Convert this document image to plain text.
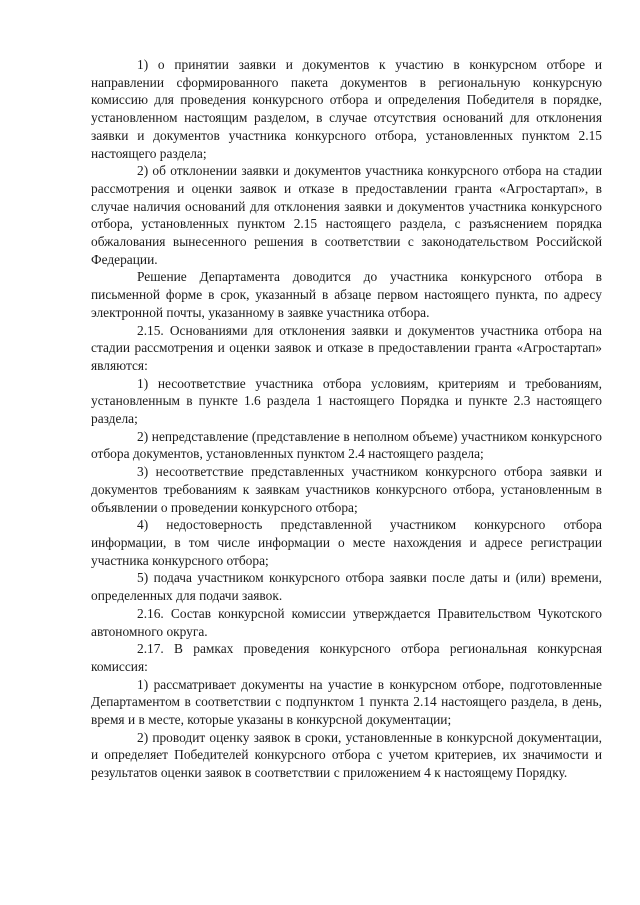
1) о принятии заявки и документов к участию в конкурсном отборе и направлении сформированного пакета документов в региональную конкурсную комиссию для проведения конкурсного отбора и определения Победителя в порядке, установленном настоящим разделом, в случае отсутствия оснований для отклонения заявки и документов участника конкурсного отбора, установленных пунктом 2.15 настоящего раздела;

2) об отклонении заявки и документов участника конкурсного отбора на стадии рассмотрения и оценки заявок и отказе в предоставлении гранта «Агростартап», в случае наличия оснований для отклонения заявки и документов участника конкурсного отбора, установленных пунктом 2.15 настоящего раздела, с разъяснением порядка обжалования вынесенного решения в соответствии с законодательством Российской Федерации.

Решение Департамента доводится до участника конкурсного отбора в письменной форме в срок, указанный в абзаце первом настоящего пункта, по адресу электронной почты, указанному в заявке участника отбора.

2.15. Основаниями для отклонения заявки и документов участника отбора на стадии рассмотрения и оценки заявок и отказе в предоставлении гранта «Агростартап» являются:

1) несоответствие участника отбора условиям, критериям и требованиям, установленным в пункте 1.6 раздела 1 настоящего Порядка и пункте 2.3 настоящего раздела;

2) непредставление (представление в неполном объеме) участником конкурсного отбора документов, установленных пунктом 2.4 настоящего раздела;

3) несоответствие представленных участником конкурсного отбора заявки и документов требованиям к заявкам участников конкурсного отбора, установленным в объявлении о проведении конкурсного отбора;

4) недостоверность представленной участником конкурсного отбора информации, в том числе информации о месте нахождения и адресе регистрации участника конкурсного отбора;

5) подача участником конкурсного отбора заявки после даты и (или) времени, определенных для подачи заявок.

2.16. Состав конкурсной комиссии утверждается Правительством Чукотского автономного округа.

2.17. В рамках проведения конкурсного отбора региональная конкурсная комиссия:

1) рассматривает документы на участие в конкурсном отборе, подготовленные Департаментом в соответствии с подпунктом 1 пункта 2.14 настоящего раздела, в день, время и в месте, которые указаны в конкурсной документации;

2) проводит оценку заявок в сроки, установленные в конкурсной документации, и определяет Победителей конкурсного отбора с учетом критериев, их значимости и результатов оценки заявок в соответствии с приложением 4 к настоящему Порядку.
